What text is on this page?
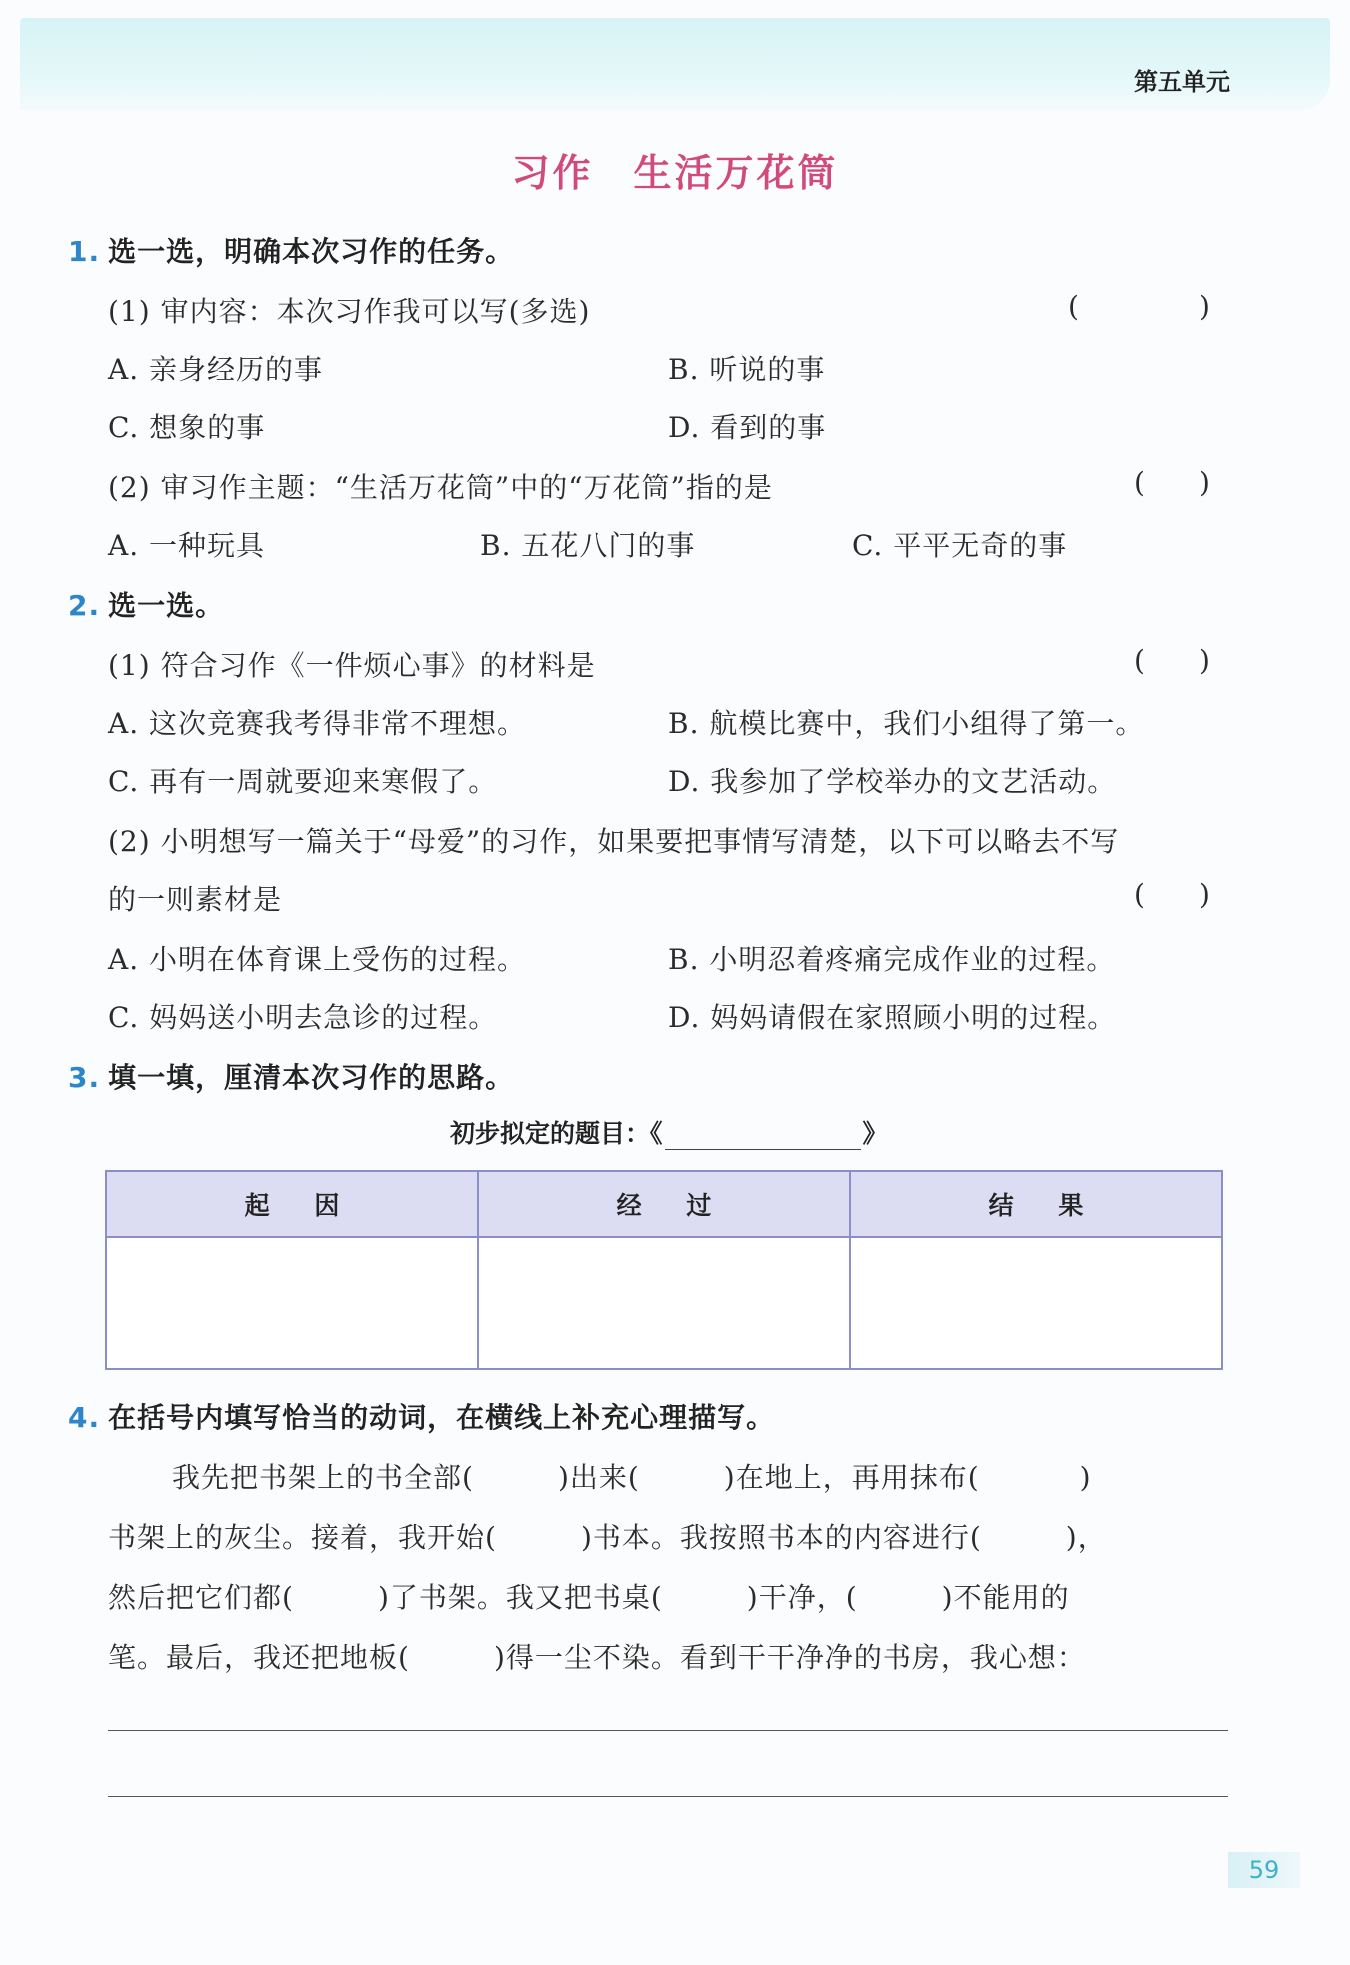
第五单元
习作 生活万花筒
1. 选一选，明确本次习作的任务。
(1) 审内容：本次习作我可以写(多选)	(	)
A. 亲身经历的事	B. 听说的事
C. 想象的事	D. 看到的事
(2) 审习作主题：“生活万花筒”中的“万花筒”指的是	( )
A. 一种玩具	B. 五花八门的事	C. 平平无奇的事
2. 选一选。
(1) 符合习作《一件烦心事》的材料是	( )
A. 这次竞赛我考得非常不理想。	B. 航模比赛中，我们小组得了第一。
C. 再有一周就要迎来寒假了。	D. 我参加了学校举办的文艺活动。
(2) 小明想写一篇关于“母爱”的习作，如果要把事情写清楚，以下可以略去不写
的一则素材是	( )
A. 小明在体育课上受伤的过程。	B. 小明忍着疼痛完成作业的过程。
C. 妈妈送小明去急诊的过程。	D. 妈妈请假在家照顾小明的过程。
3. 填一填，厘清本次习作的思路。
初步拟定的题目：《	》
起 因	经 过	结 果
4. 在括号内填写恰当的动词，在横线上补充心理描写。
我先把书架上的书全部(	)出来(	)在地上，再用抹布(	)
书架上的灰尘。接着，我开始(	)书本。我按照书本的内容进行(	)，
然后把它们都(	)了书架。我又把书桌(	)干净，(	)不能用的
笔。最后，我还把地板(	)得一尘不染。看到干干净净的书房，我心想：
59
